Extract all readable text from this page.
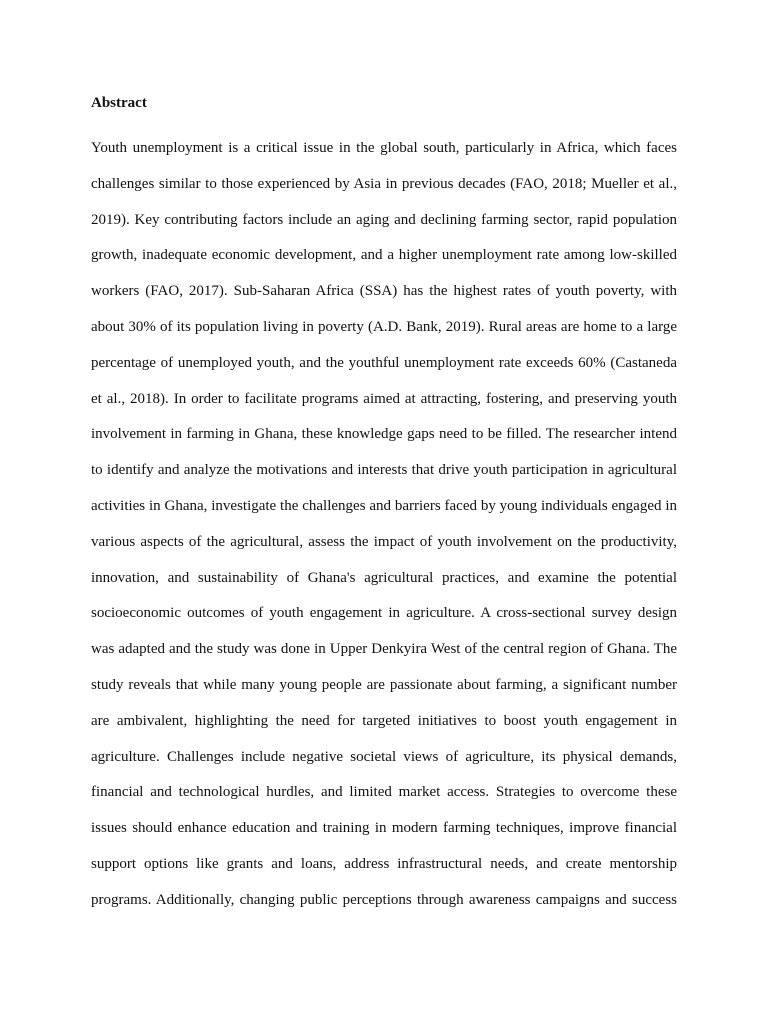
Abstract
Youth unemployment is a critical issue in the global south, particularly in Africa, which faces
challenges similar to those experienced by Asia in previous decades (FAO, 2018; Mueller et al.,
2019). Key contributing factors include an aging and declining farming sector, rapid population
growth, inadequate economic development, and a higher unemployment rate among low-skilled
workers (FAO, 2017). Sub-Saharan Africa (SSA) has the highest rates of youth poverty, with
about 30% of its population living in poverty (A.D. Bank, 2019). Rural areas are home to a large
percentage of unemployed youth, and the youthful unemployment rate exceeds 60% (Castaneda
et al., 2018). In order to facilitate programs aimed at attracting, fostering, and preserving youth
involvement in farming in Ghana, these knowledge gaps need to be filled. The researcher intend
to identify and analyze the motivations and interests that drive youth participation in agricultural
activities in Ghana, investigate the challenges and barriers faced by young individuals engaged in
various aspects of the agricultural, assess the impact of youth involvement on the productivity,
innovation, and sustainability of Ghana's agricultural practices, and examine the potential
socioeconomic outcomes of youth engagement in agriculture. A cross-sectional survey design
was adapted and the study was done in Upper Denkyira West of the central region of Ghana. The
study reveals that while many young people are passionate about farming, a significant number
are ambivalent, highlighting the need for targeted initiatives to boost youth engagement in
agriculture. Challenges include negative societal views of agriculture, its physical demands,
financial and technological hurdles, and limited market access. Strategies to overcome these
issues should enhance education and training in modern farming techniques, improve financial
support options like grants and loans, address infrastructural needs, and create mentorship
programs. Additionally, changing public perceptions through awareness campaigns and success
